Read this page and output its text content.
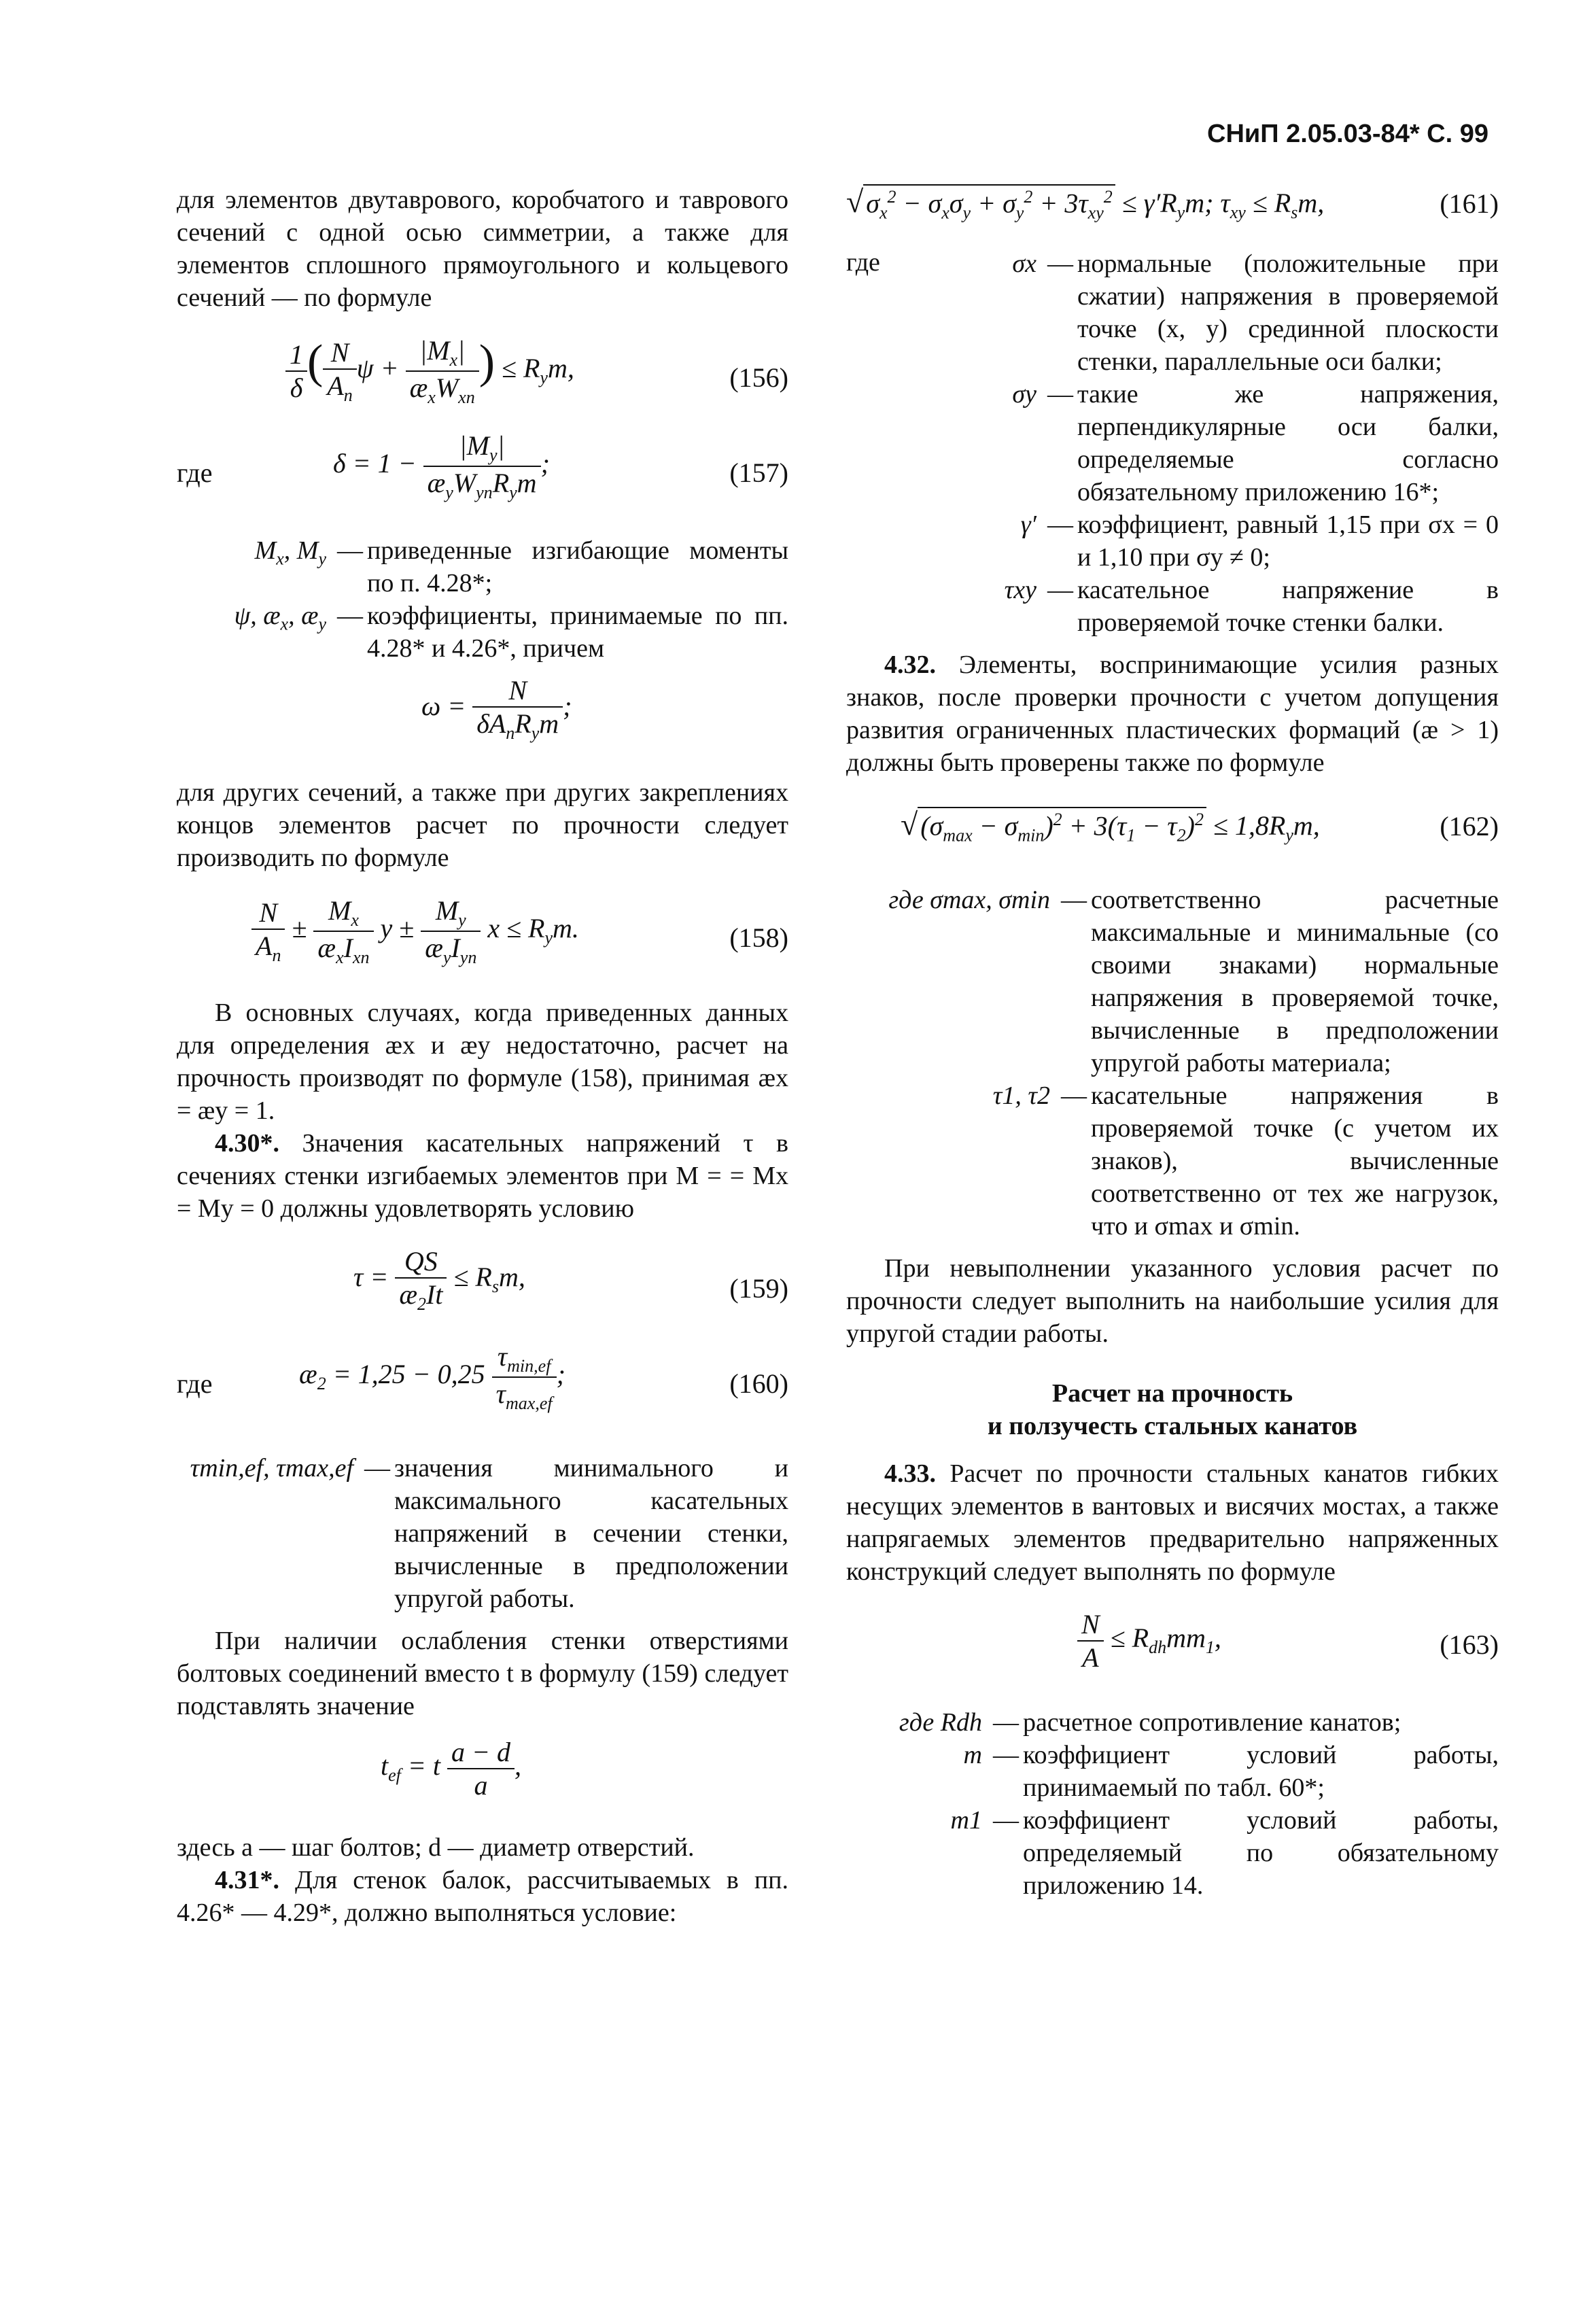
СНиП 2.05.03-84* С. 99

для элементов двутаврового, коробчатого и таврового сечений с одной осью симметрии, а также для элементов сплошного прямоугольного и кольцевого сечений — по формуле

$\frac{1}{\delta}$ ( $\frac{N}{A_n}$ $\psi + \frac{|M_x|}{æ_xW_{xn}}$ ) ≤ $R_ym$,	(156)
где	$\delta = 1 - \frac{|M_y|}{æ_yW_{yn}R_ym}$ ;	(157)
$M_x$, $M_y$ — приведенные изгибающие моменты по п. 4.28*;
ψ, $æ_x$, $æ_y$ — коэффициенты, принимаемые по пп. 4.28* и 4.26*, причем
$\omega = \frac{N}{\delta A_nR_ym}$ ;

для других сечений, а также при других закреплениях концов элементов расчет по прочности следует производить по формуле

$\frac{N}{A_n} \pm \frac{M_x}{æ_xI_{xn}}$ $y \pm \frac{M_y}{æ_yI_{yn}}$ $x \le R_ym$.	(158)

В основных случаях, когда приведенных данных для определения æx и æy недостаточно, расчет на прочность производят по формуле (158), принимая æx = æy = 1.

4.30*. Значения касательных напряжений τ в сечениях стенки изгибаемых элементов при M = = Mx = My = 0 должны удовлетворять условию

$\tau = \frac{QS}{æ_2It} \le R_sm$,	(159)
где	$æ_2 = 1,25 - 0,25 \frac{\tau_{min,ef}}{\tau_{max,ef}}$ ;	(160)
τmin,ef, τmax,ef — значения минимального и максимального касательных напряжений в сечении стенки, вычисленные в предположении упругой работы.

При наличии ослабления стенки отверстиями болтовых соединений вместо t в формулу (159) следует подставлять значение

$t_{ef} = t \frac{a - d}{a}$ ,

здесь a — шаг болтов; d — диаметр отверстий.

4.31*. Для стенок балок, рассчитываемых в пп. 4.26* — 4.29*, должно выполняться условие:

√ $\sigma_x^2 - \sigma_x\sigma_y + \sigma_y^2 + 3\tau_{xy}^2 \le \gamma'R_ym$; $\tau_{xy} \le R_sm$,	(161)
где	σx — нормальные (положительные при сжатии) напряжения в проверяемой точке (x, y) срединной плоскости стенки, параллельные оси балки;
σy — такие же напряжения, перпендикулярные оси балки, определяемые согласно обязательному приложению 16*;
γ′ — коэффициент, равный 1,15 при σx = 0 и 1,10 при σy ≠ 0;
τxy — касательное напряжение в проверяемой точке стенки балки.

4.32. Элементы, воспринимающие усилия разных знаков, после проверки прочности с учетом допущения развития ограниченных пластических формаций (æ > 1) должны быть проверены также по формуле

√ $(\sigma_{max} - \sigma_{min})^2 + 3(\tau_1 - \tau_2)^2 \le 1,8R_ym$,	(162)
где σmax, σmin — соответственно расчетные максимальные и минимальные (со своими знаками) нормальные напряжения в проверяемой точке, вычисленные в предположении упругой работы материала;
τ1, τ2 — касательные напряжения в проверяемой точке (с учетом их знаков), вычисленные соответственно от тех же нагрузок, что и σmax и σmin.

При невыполнении указанного условия расчет по прочности следует выполнить на наибольшие усилия для упругой стадии работы.

Расчет на прочность
и ползучесть стальных канатов

4.33. Расчет по прочности стальных канатов гибких несущих элементов в вантовых и висячих мостах, а также напрягаемых элементов предварительно напряженных конструкций следует выполнять по формуле

$\frac{N}{A} \le R_{dh}mm_1$,	(163)
где Rdh — расчетное сопротивление канатов;
m — коэффициент условий работы, принимаемый по табл. 60*;
m1 — коэффициент условий работы, определяемый по обязательному приложению 14.
